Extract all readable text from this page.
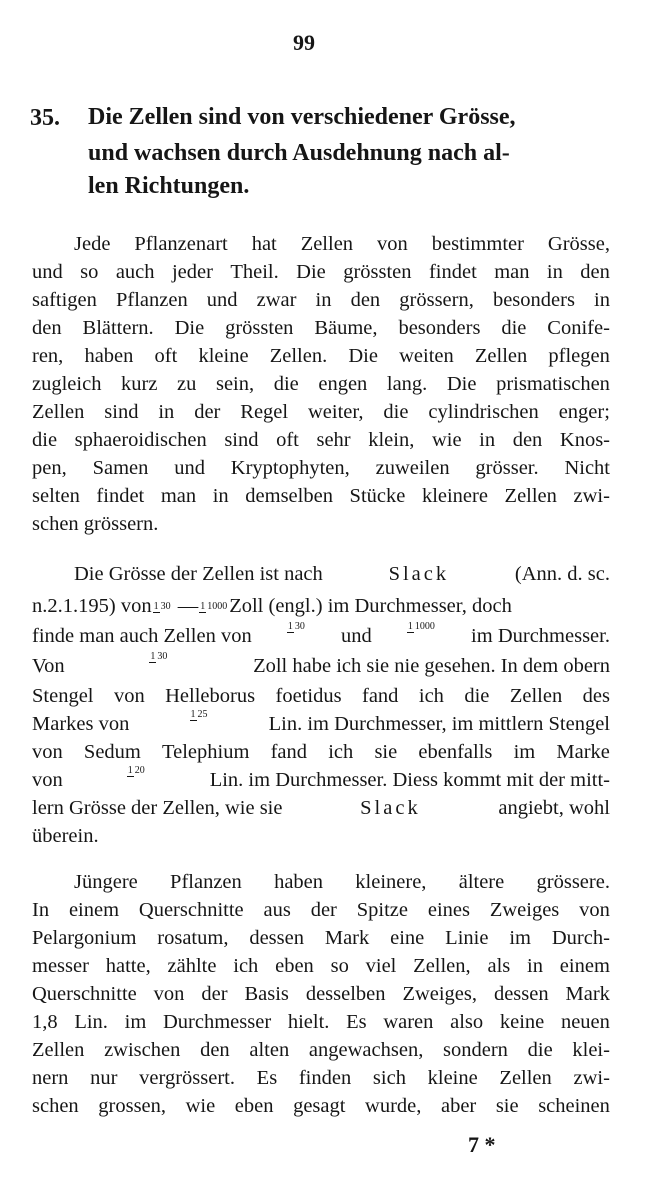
99
35. Die Zellen sind von verschiedener Grösse,
und wachsen durch Ausdehnung nach al-
len Richtungen.
Jede Pflanzenart hat Zellen von bestimmter Grösse,
und so auch jeder Theil. Die grössten findet man in den
saftigen Pflanzen und zwar in den grössern, besonders in
den Blättern. Die grössten Bäume, besonders die Conife-
ren, haben oft kleine Zellen. Die weiten Zellen pflegen
zugleich kurz zu sein, die engen lang. Die prismatischen
Zellen sind in der Regel weiter, die cylindrischen enger;
die sphaeroidischen sind oft sehr klein, wie in den Knos-
pen, Samen und Kryptophyten, zuweilen grösser. Nicht
selten findet man in demselben Stücke kleinere Zellen zwi-
schen grössern.
Die Grösse der Zellen ist nach	Slack	(Ann. d. sc.
n.2.1.195) von 1 30 — 1 1000Zoll (engl.) im Durchmesser, doch
finde man auch Zellen von	1 30 und	1 1000 im Durchmesser.
Von	1 30	Zoll habe ich sie nie gesehen. In dem obern
Stengel von Helleborus foetidus fand ich die Zellen des
Markes von	1 25	Lin. im Durchmesser, im mittlern Stengel
von Sedum Telephium fand ich sie ebenfalls im Marke
von	1 20	Lin. im Durchmesser. Diess kommt mit der mitt-
lern Grösse der Zellen, wie sie	Slack	angiebt, wohl
überein.
Jüngere Pflanzen haben kleinere, ältere grössere.
In einem Querschnitte aus der Spitze eines Zweiges von
Pelargonium rosatum, dessen Mark eine Linie im Durch-
messer hatte, zählte ich eben so viel Zellen, als in einem
Querschnitte von der Basis desselben Zweiges, dessen Mark
1,8 Lin. im Durchmesser hielt. Es waren also keine neuen
Zellen zwischen den alten angewachsen, sondern die klei-
nern nur vergrössert. Es finden sich kleine Zellen zwi-
schen grossen, wie eben gesagt wurde, aber sie scheinen
7 *
